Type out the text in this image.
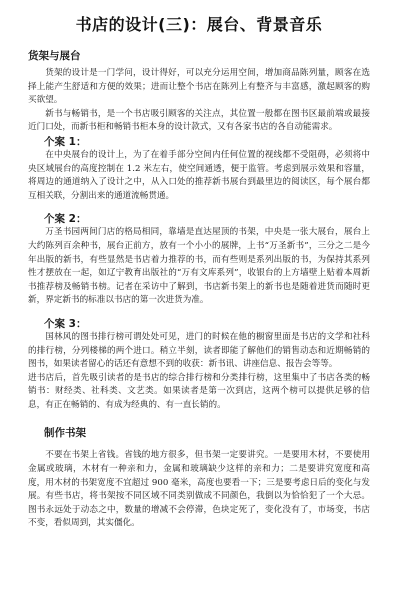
书店的设计(三)：展台、背景音乐
货架与展台

货架的设计是一门学问，设计得好，可以充分运用空间，增加商品陈列量，顾客在选择上能产生舒适和方便的效果；进而让整个书店在陈列上有整齐与丰富感，激起顾客的购买欲望。

新书与畅销书，是一个书店吸引顾客的关注点，其位置一般都在图书区最前端或最接近门口处，而新书柜和畅销书柜本身的设计款式，又有各家书店的各自动能需求。

个案 1：

在中央展台的设计上，为了在着手部分空间内任何位置的视线都不受阻碍，必须将中央区域展台的高度控制在 1.2 米左右，使空间通透，便于监管。考虑到展示效果和容量，将周边的通道纳入了设计之中，从入口处的推荐新书展台到最里边的阅读区，每个展台都互相关联，分割出来的通道流畅贯通。

个案 2：

万圣书园两间门店的格局相同，靠墙是直达屋顶的书架，中央是一张大展台，展台上大约陈列百余种书，展台正前方，放有一个小小的展牌，上书“万圣新书”，三分之二是今年出版的新书，有些显然是书店着力推荐的书，而有些则是系列出版的书，为保持其系列性才摆放在一起，如辽宁教育出版社的“万有文库系列”，收银台的上方墙壁上贴着本周新书推荐榜及畅销书榜。记者在采访中了解到，书店新书架上的新书也是随着进货而随时更新，界定新书的标准以书店的第一次进货为准。

个案 3：

国林风的图书排行榜可谓处处可见，进门的时候在他的橱窗里面是书店的文学和社科的排行榜，分列楼梯的两个进口。稍立半刻，读者即能了解他们的销售动态和近期畅销的图书，如果读者留心的话还有意想不到的收获：新书讯、讲座信息、报告会等等。

进书店后，首先吸引读者的是书店的综合排行榜和分类排行榜，这里集中了书店各类的畅销书：财经类、社科类、文艺类。如果读者是第一次到店，这两个榜可以提供足够的信息，有正在畅销的、有成为经典的、有一直长销的。

制作书架

不要在书架上省钱。省钱的地方很多，但书架一定要讲究。一是要用木材，不要使用金属或玻璃，木材有一种亲和力，金属和玻璃缺少这样的亲和力；二是要讲究宽度和高度，用木材的书架宽度不宜超过 900 毫米，高度也要看一下；三是要考虑日后的变化与发展。有些书店，将书架按不同区域不同类别做成不同颜色，我倒以为恰恰犯了一个大忌。图书永远处于动态之中，数量的增减不会停滞，色块定死了，变化没有了，市场变，书店不变，看似周到，其实僵化。
